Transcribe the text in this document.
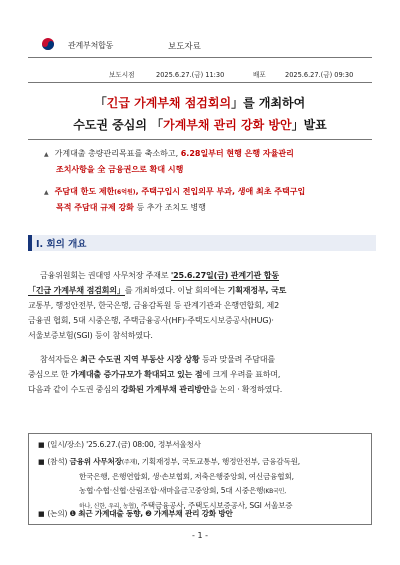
관계부처합동	보도자료
보도시점	2025.6.27.(금) 11:30	배포	2025.6.27.(금) 09:30
「긴급 가계부채 점검회의」를 개최하여
수도권 중심의 「가계부채 관리 강화 방안」발표
▲ 가계대출 총량관리목표를 축소하고, 6.28일부터 현행 은행 자율관리
조치사항을 全 금융권으로 확대 시행
▲ 주담대 한도 제한(6억원), 주택구입시 전입의무 부과, 생애 최초 주택구입
목적 주담대 규제 강화 등 추가 조치도 병행
Ⅰ. 회의 개요
금융위원회는 권대영 사무처장 주재로 '25.6.27일(금) 관계기관 합동
「긴급 가계부채 점검회의」를 개최하였다. 이날 회의에는 기획재정부, 국토
교통부, 행정안전부, 한국은행, 금융감독원 등 관계기관과 은행연합회, 제2
금융권 협회, 5대 시중은행, 주택금융공사(HF)·주택도시보증공사(HUG)·
서울보증보험(SGI) 등이 참석하였다.
참석자들은 최근 수도권 지역 부동산 시장 상황 등과 맞물려 주담대를
중심으로 한 가계대출 증가규모가 확대되고 있는 점에 크게 우려를 표하며,
다음과 같이 수도권 중심의 강화된 가계부채 관리방안을 논의 · 확정하였다.
■ (일시/장소) '25.6.27.(금) 08:00, 정부서울청사
■ (참석) 금융위 사무처장(주재), 기획재정부, 국토교통부, 행정안전부, 금융감독원,
한국은행, 은행연합회, 생·손보협회, 저축은행중앙회, 여신금융협회,
농협·수협·신협·산림조합·새마을금고중앙회, 5대 시중은행(KB국민,
하나, 신한, 우리, 농협), 주택금융공사, 주택도시보증공사, SGI 서울보증
■ (논의) ❶ 최근 가계대출 동향, ❷ 가계부채 관리 강화 방안
- 1 -
